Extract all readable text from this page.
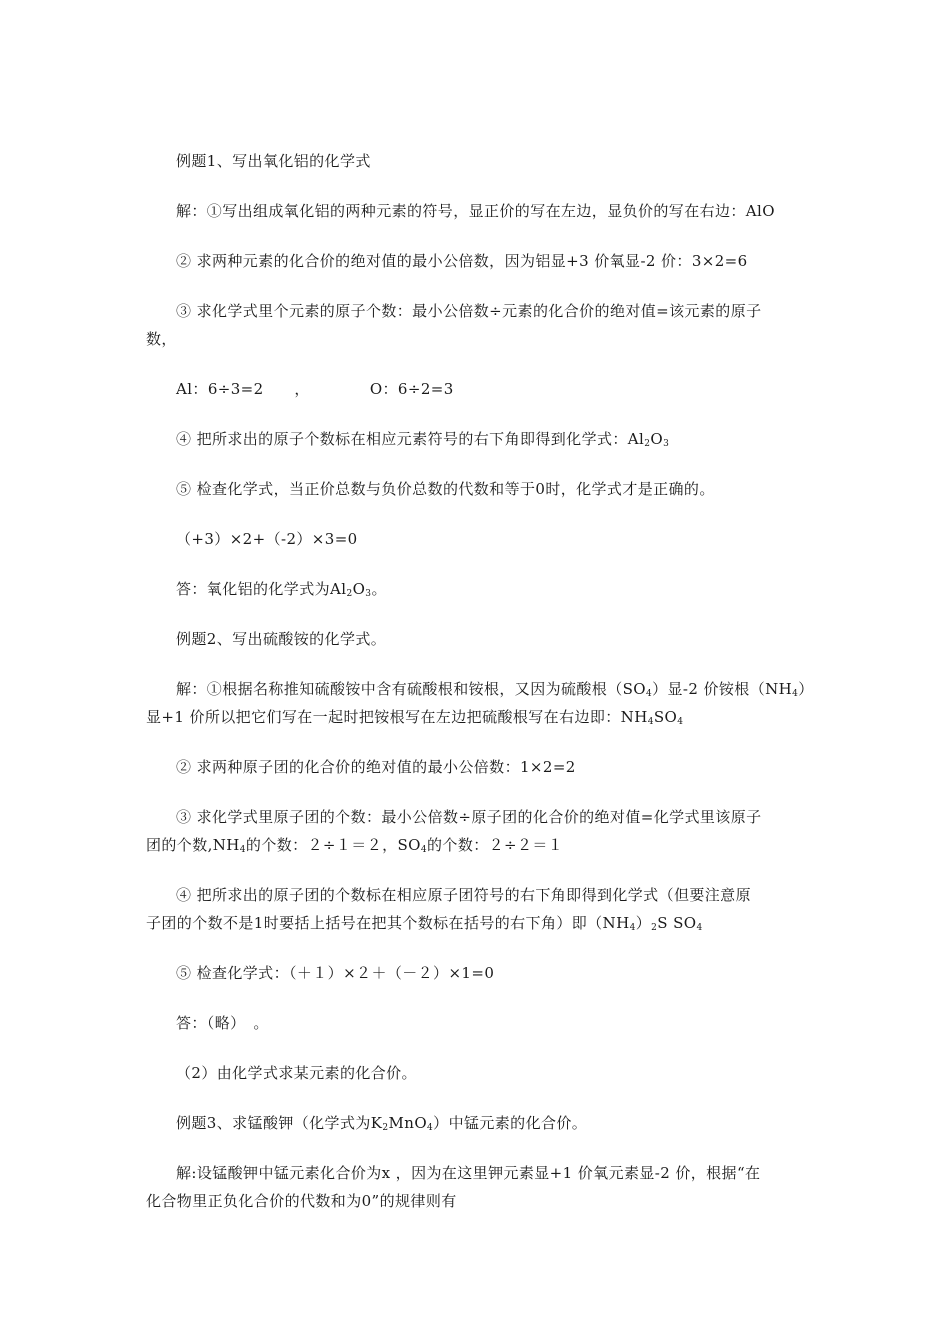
例题1、写出氧化铝的化学式
解：①写出组成氧化铝的两种元素的符号，显正价的写在左边，显负价的写在右边：AlO
② 求两种元素的化合价的绝对值的最小公倍数，因为铝显+3 价氧显-2 价：3×2=6
③ 求化学式里个元素的原子个数：最小公倍数÷元素的化合价的绝对值=该元素的原子
数，
Al：6÷3=2　　，	O：6÷2=3
④ 把所求出的原子个数标在相应元素符号的右下角即得到化学式：$Al_2O_3$
⑤ 检查化学式，当正价总数与负价总数的代数和等于0时，化学式才是正确的。
（+3）×2+（-2）×3=0
答：氧化铝的化学式为$Al_2O_3$。
例题2、写出硫酸铵的化学式。
解：①根据名称推知硫酸铵中含有硫酸根和铵根，又因为硫酸根$(SO_4)$显-2 价铵根$(NH_4)$
显+1 价所以把它们写在一起时把铵根写在左边把硫酸根写在右边即：$NH_4SO_4$
② 求两种原子团的化合价的绝对值的最小公倍数：1×2=2
③ 求化学式里原子团的个数：最小公倍数÷原子团的化合价的绝对值=化学式里该原子
团的个数$,NH_4$的个数：２÷１＝２，$SO_4$的个数：２÷２＝１
④ 把所求出的原子团的个数标在相应原子团符号的右下角即得到化学式（但要注意原
子团的个数不是1时要括上括号在把其个数标在括号的右下角）即$(NH_4)_2S$ $SO_4$
⑤ 检查化学式：（＋１）×２＋（－２）×1=0
答：（略）　。
（2）由化学式求某元素的化合价。
例题3、求锰酸钾（化学式为$K_2MnO_4$）中锰元素的化合价。
解:设锰酸钾中锰元素化合价为x ，因为在这里钾元素显+1 价氧元素显-2 价，根据“在
化合物里正负化合价的代数和为0”的规律则有
